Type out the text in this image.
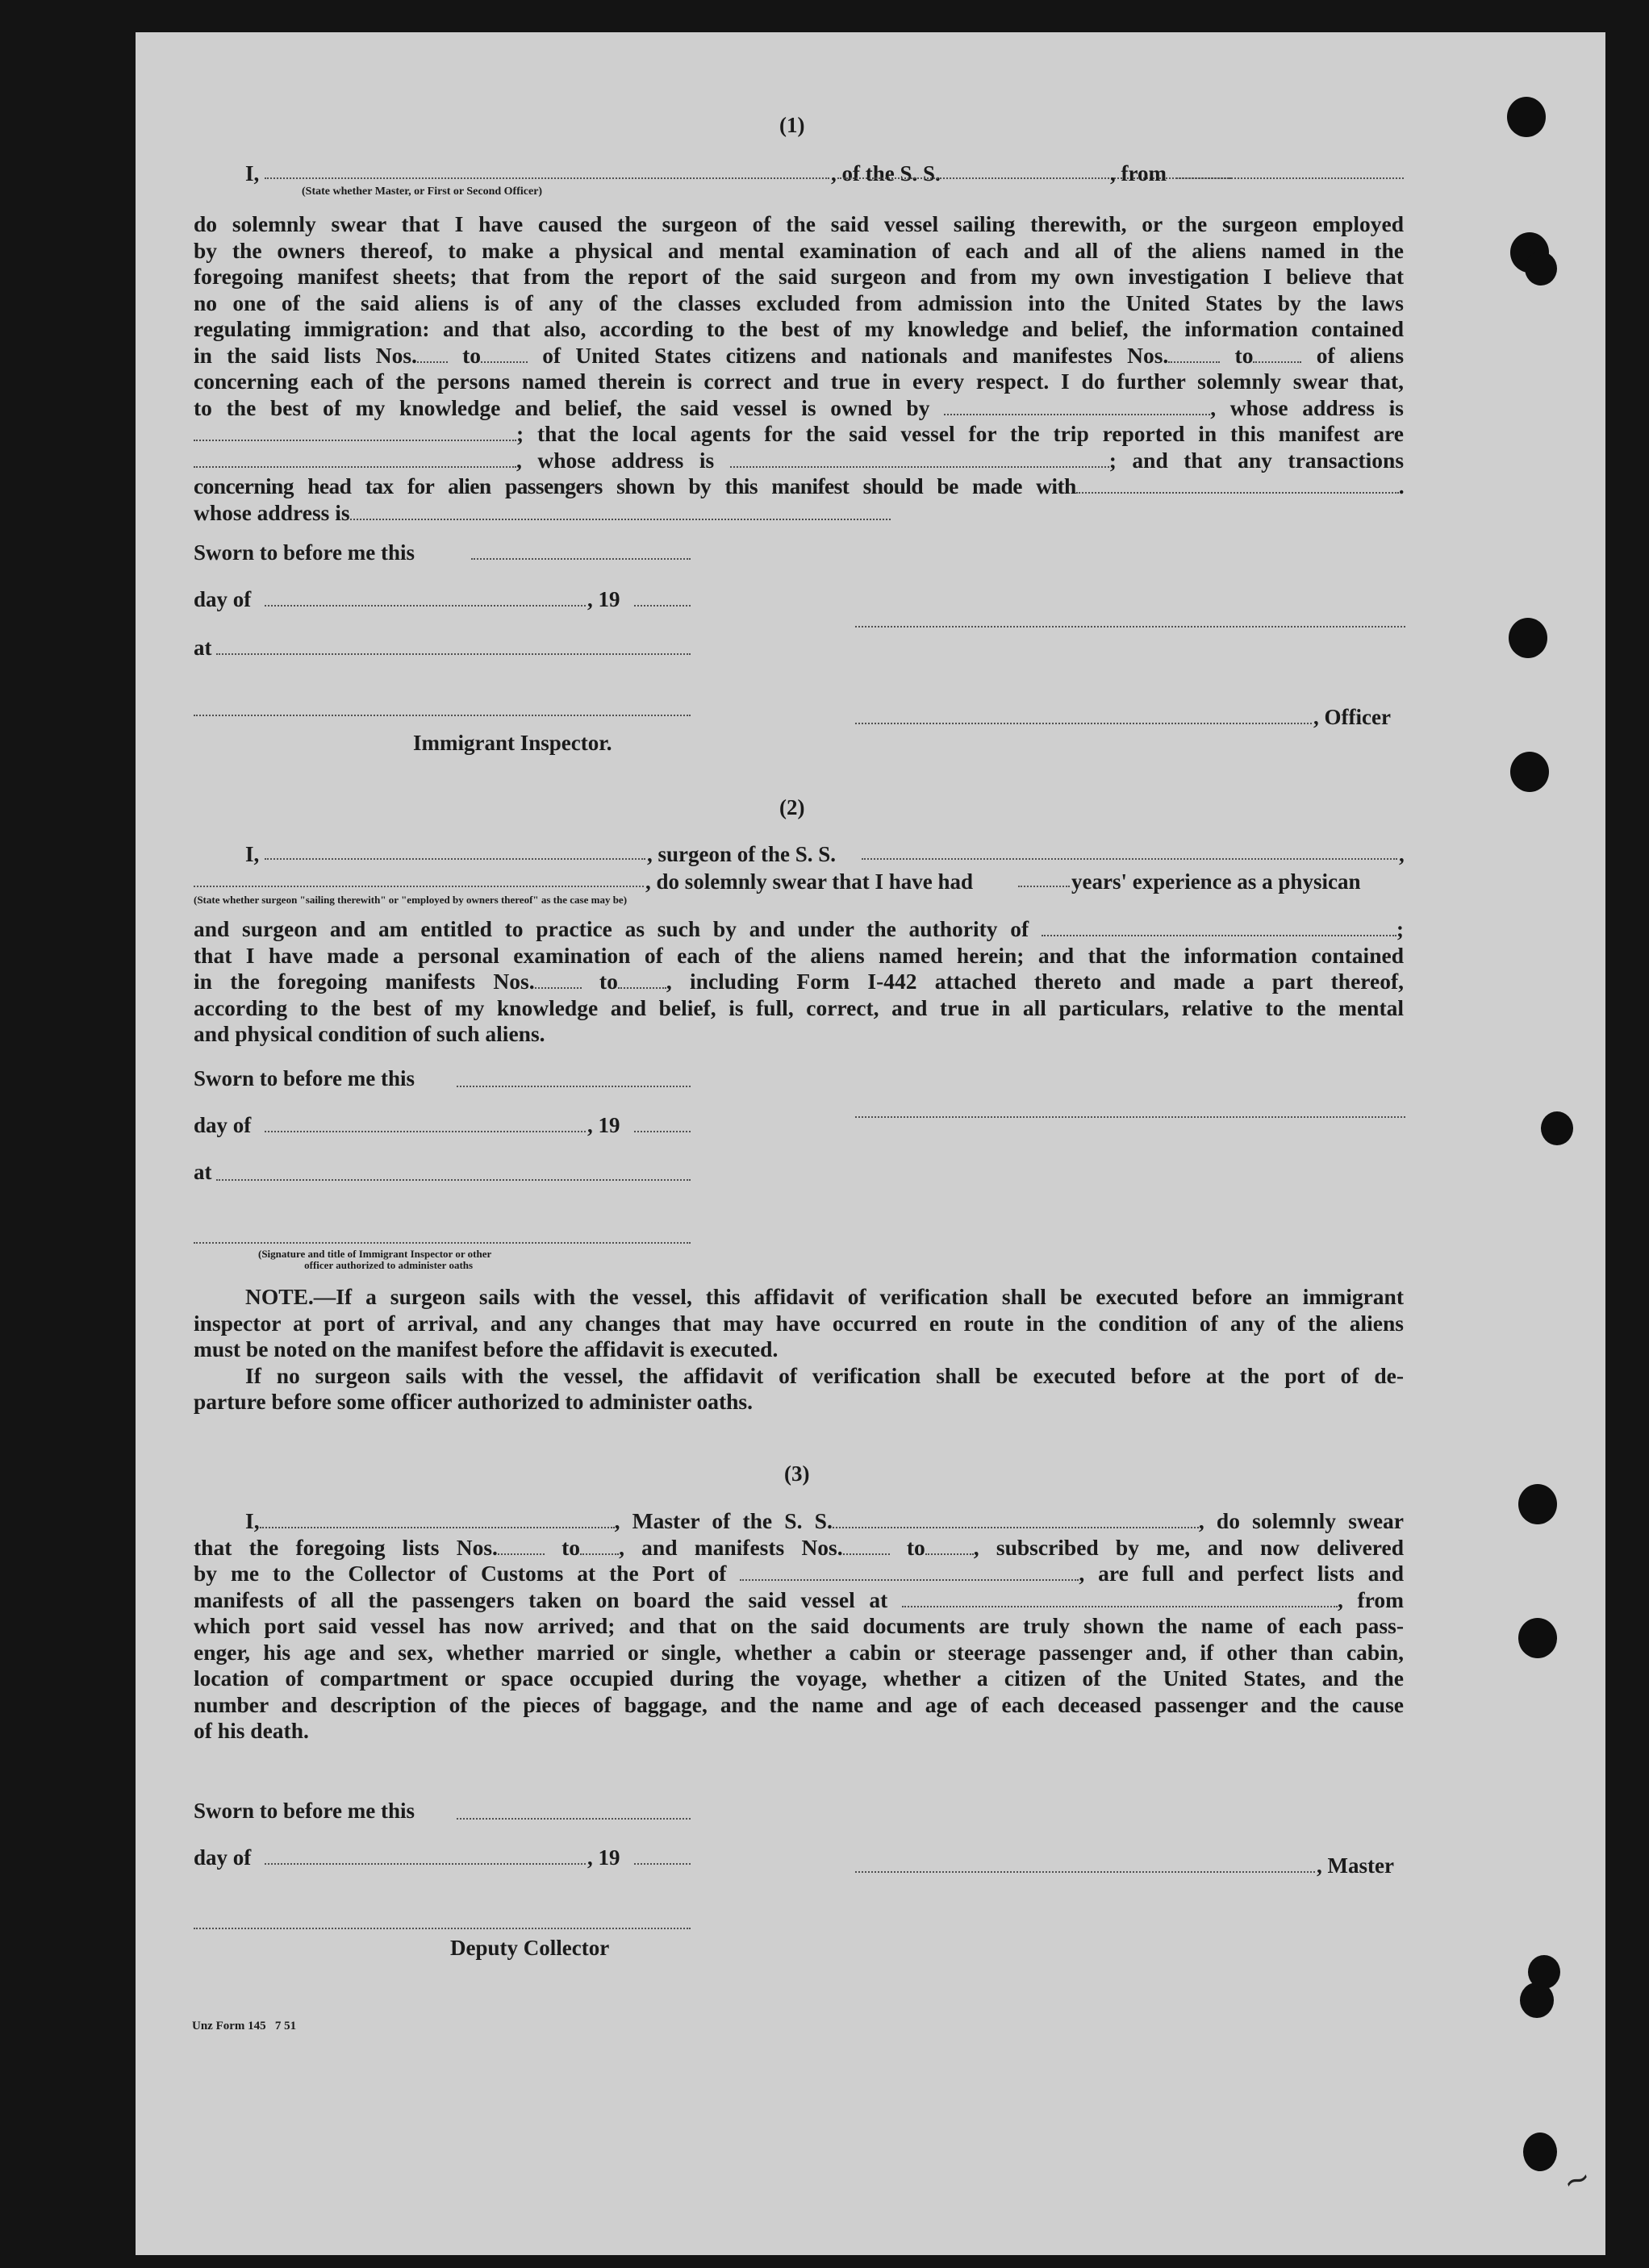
~
(1)
I,	, of the S. S.	, from
(State whether Master, or First or Second Officer)
do solemnly swear that I have caused the surgeon of the said vessel sailing therewith, or the surgeon employed
by the owners thereof, to make a physical and mental examination of each and all of the aliens named in the
foregoing manifest sheets; that from the report of the said surgeon and from my own investigation I believe that
no one of the said aliens is of any of the classes excluded from admission into the United States by the laws
regulating immigration: and that also, according to the best of my knowledge and belief, the information contained
in the said lists Nos. to	of United States citizens and nationals and manifestes Nos.	to	of aliens
concerning each of the persons named therein is correct and true in every respect. I do further solemnly swear that,
to the best of my knowledge and belief, the said vessel is owned by	, whose address is
; that the local agents for the said vessel for the trip reported in this manifest are
, whose address is	; and that any transactions
concerning head tax for alien passengers shown by this manifest should be made with	.
whose address is
Sworn to before me this
day of	, 19
at
, Officer
Immigrant Inspector.
(2)
I,	, surgeon of the S. S.	,
, do solemnly swear that I have had	years' experience as a physican
(State whether surgeon "sailing therewith" or "employed by owners thereof" as the case may be)
and surgeon and am entitled to practice as such by and under the authority of	;
that I have made a personal examination of each of the aliens named herein; and that the information contained
in the foregoing manifests Nos.	to , including Form I-442 attached thereto and made a part thereof,
according to the best of my knowledge and belief, is full, correct, and true in all particulars, relative to the mental
and physical condition of such aliens.
Sworn to before me this
day of	, 19
at
(Signature and title of Immigrant Inspector or other
officer authorized to administer oaths
NOTE.—If a surgeon sails with the vessel, this affidavit of verification shall be executed before an immigrant
inspector at port of arrival, and any changes that may have occurred en route in the condition of any of the aliens
must be noted on the manifest before the affidavit is executed.
If no surgeon sails with the vessel, the affidavit of verification shall be executed before at the port of de-
parture before some officer authorized to administer oaths.
(3)
I,	, Master of the S. S.	, do solemnly swear
that the foregoing lists Nos.	to , and manifests Nos.	to , subscribed by me, and now delivered
by me to the Collector of Customs at the Port of	, are full and perfect lists and
manifests of all the passengers taken on board the said vessel at	, from
which port said vessel has now arrived; and that on the said documents are truly shown the name of each pass-
enger, his age and sex, whether married or single, whether a cabin or steerage passenger and, if other than cabin,
location of compartment or space occupied during the voyage, whether a citizen of the United States, and the
number and description of the pieces of baggage, and the name and age of each deceased passenger and the cause
of his death.
Sworn to before me this
day of	, 19	, Master
Deputy Collector
Unz Form 145   7 51
